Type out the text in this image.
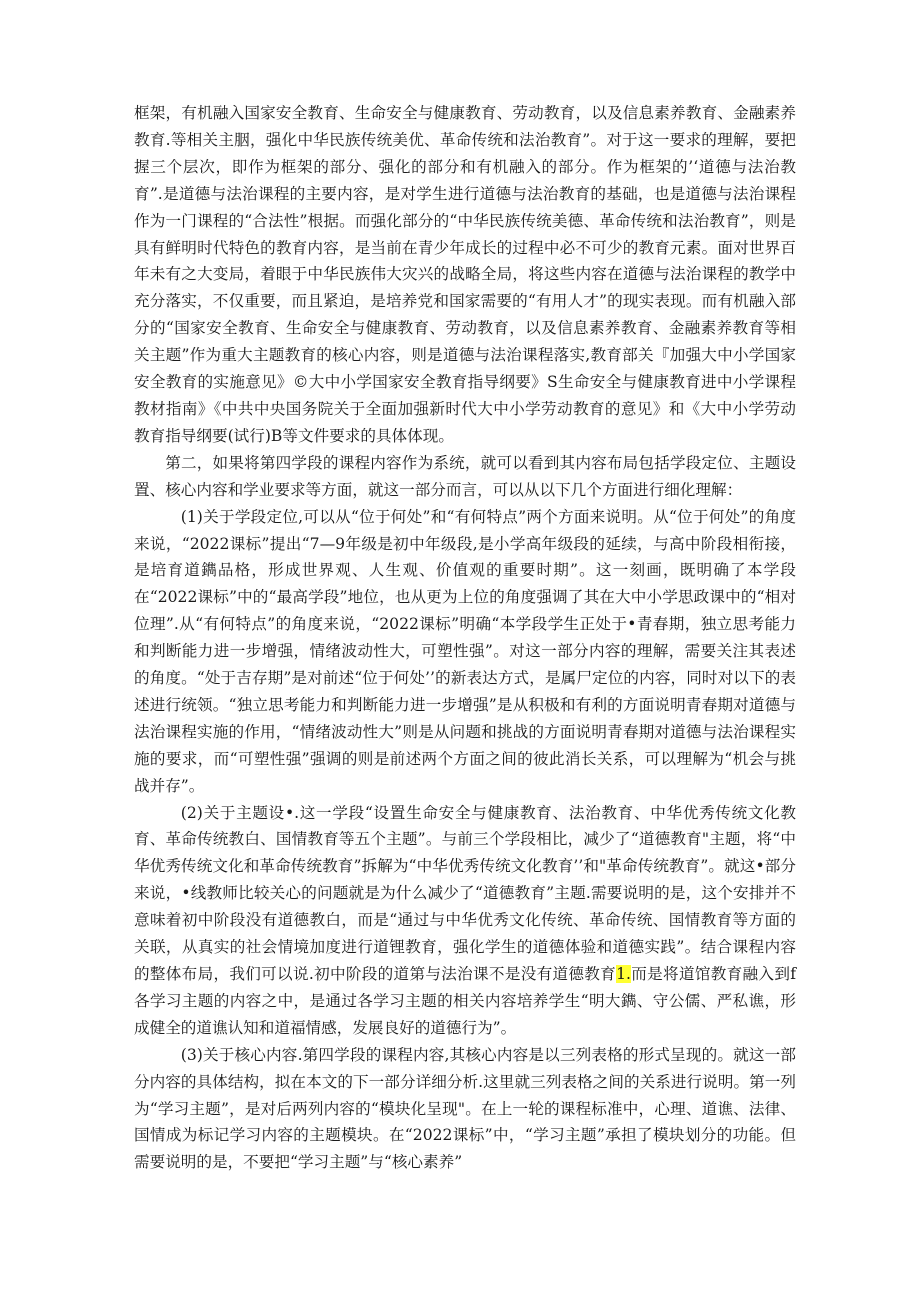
框架，有机融入国家安全教育、生命安全与健康教育、劳动教育，以及信息素养教育、金融素养教育.等相关主胭，强化中华民族传统美优、革命传统和法治教育”。对于这一要求的理解，要把握三个层次，即作为框架的部分、强化的部分和有机融入的部分。作为框架的’‘道德与法治教育”.是道德与法治课程的主要内容，是对学生进行道德与法治教育的基础，也是道德与法治课程作为一门课程的“合法性”根据。而强化部分的“中华民族传统美德、革命传统和法治教育”，则是具有鲜明时代特色的教育内容，是当前在青少年成长的过程中必不可少的教育元素。面对世界百年未有之大变局，着眼于中华民族伟大灾兴的战略全局，将这些内容在道德与法治课程的教学中充分落实，不仅重要，而且紧迫，是培养党和国家需要的“有用人才”的现实表现。而有机融入部分的“国家安全教育、生命安全与健康教育、劳动教育，以及信息素养教育、金融素养教育等相关主题”作为重大主题教育的核心内容，则是道德与法治课程落实,教育部关『加强大中小学国家安全教育的实施意见》©大中小学国家安全教育指导纲要》S生命安全与健康教育进中小学课程教材指南》《中共中央国务院关于全面加强新时代大中小学劳动教育的意见》和《大中小学劳动教育指导纲要(试行)B等文件要求的具体体现。

第二，如果将第四学段的课程内容作为系统，就可以看到其内容布局包括学段定位、主题设置、核心内容和学业要求等方面，就这一部分而言，可以从以下几个方面进行细化理解：

(1)关于学段定位,可以从“位于何处”和“有何特点”两个方面来说明。从“位于何处”的角度来说，“2022课标”提出“7—9年级是初中年级段,是小学高年级段的延续，与高中阶段相衔接，是培育道鐫品格，形成世界观、人生观、价值观的重要时期”。这一刻画，既明确了本学段在“2022课标”中的“最高学段”地位，也从更为上位的角度强调了其在大中小学思政课中的“相对位理”.从“有何特点”的角度来说，“2022课标”明确“本学段学生正处于•青春期，独立思考能力和判断能力进一步增强，情绪波动性大，可塑性强”。对这一部分内容的理解，需要关注其表述的角度。“处于吉存期”是对前述“位于何处’’的新表达方式，是属尸定位的内容，同时对以下的表述进行统领。“独立思考能力和判断能力进一步增强”是从积极和有利的方面说明青春期对道德与法治课程实施的作用，“情绪波动性大”则是从问题和挑战的方面说明青春期对道德与法治课程实施的要求，而“可塑性强”强调的则是前述两个方面之间的彼此消长关系，可以理解为“机会与挑战并存”。

(2)关于主题设•.这一学段“设置生命安全与健康教育、法治教育、中华优秀传统文化教育、革命传统教白、国情教育等五个主题”。与前三个学段相比，减少了“道德教育"主题，将“中华优秀传统文化和革命传统教育”拆解为“中华优秀传统文化教育’’和"革命传统教育”。就这•部分来说，•线教师比较关心的问题就是为什么减少了“道德教育”主题.需要说明的是，这个安排并不意味着初中阶段没有道德教白，而是“通过与中华优秀文化传统、革命传统、国情教育等方面的关联，从真实的社会情境加度进行道锂教育，强化学生的道德体验和道德实践”。结合课程内容的整体布局，我们可以说.初中阶段的道第与法治课不是没有道德教育1.而是将道馆教育融入到f各学习主题的内容之中，是通过各学习主题的相关内容培养学生“明大鐫、守公儒、严私谯，形成健全的道谯认知和道福情感，发展良好的道德行为”。

(3)关于核心内容.第四学段的课程内容,其核心内容是以三列表格的形式呈现的。就这一部分内容的具体结构，拟在本文的下一部分详细分析.这里就三列表格之间的关系进行说明。第一列为“学习主题”，是对后两列内容的“模块化呈现"。在上一轮的课程标准中，心理、道谯、法律、国情成为标记学习内容的主题模块。在“2022课标”中，“学习主题”承担了模块划分的功能。但需要说明的是，不要把“学习主题”与“核心素养”
